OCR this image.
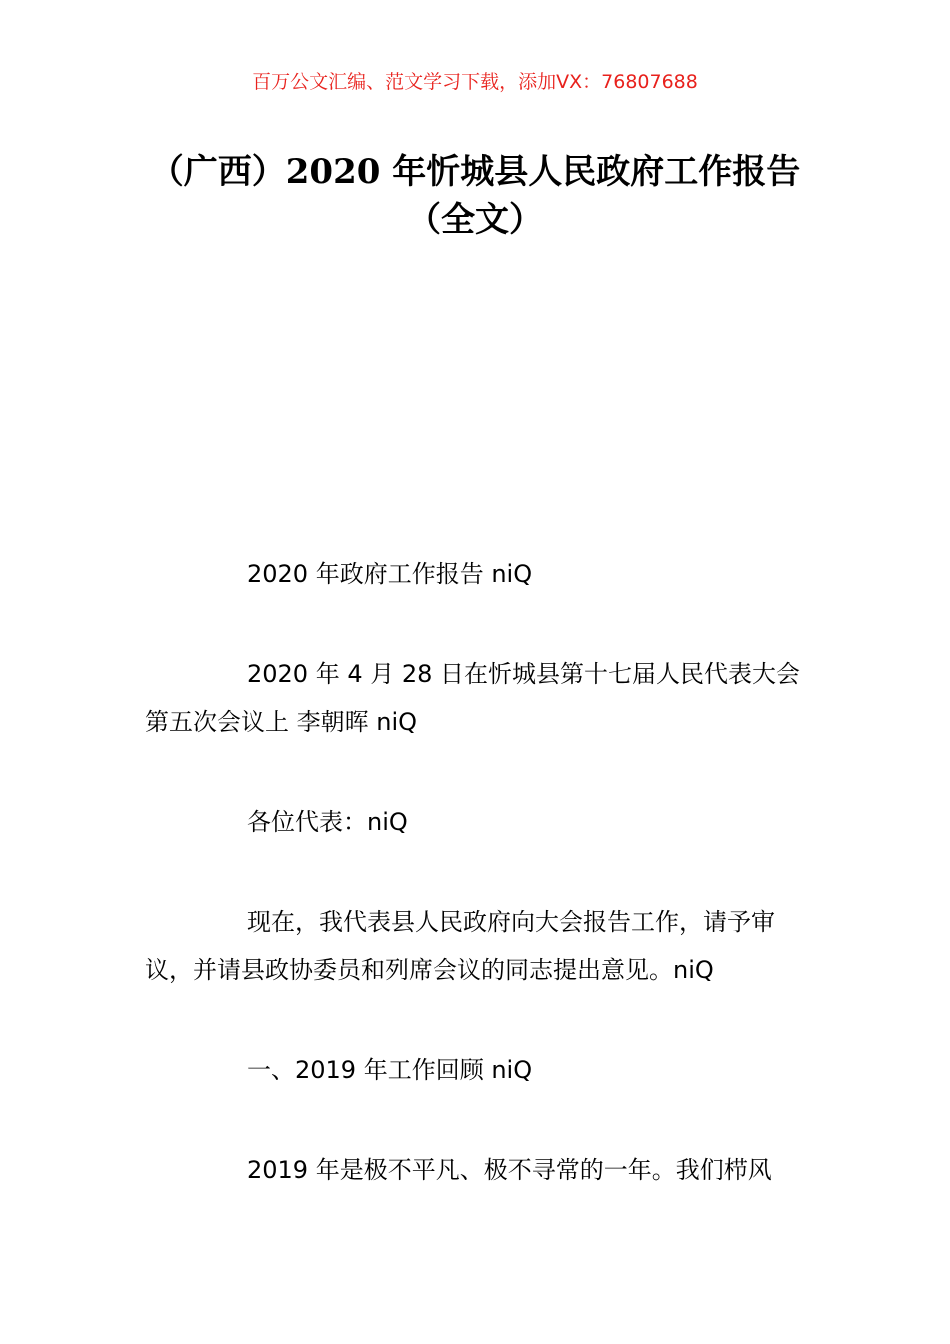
百万公文汇编、范文学习下载，添加VX：76807688
（广西）2020 年忻城县人民政府工作报告
（全文）

2020 年政府工作报告 niQ

2020 年 4 月 28 日在忻城县第十七届人民代表大会第五次会议上 李朝晖 niQ

各位代表：niQ

现在，我代表县人民政府向大会报告工作，请予审议，并请县政协委员和列席会议的同志提出意见。niQ

一、2019 年工作回顾 niQ

2019 年是极不平凡、极不寻常的一年。我们栉风
